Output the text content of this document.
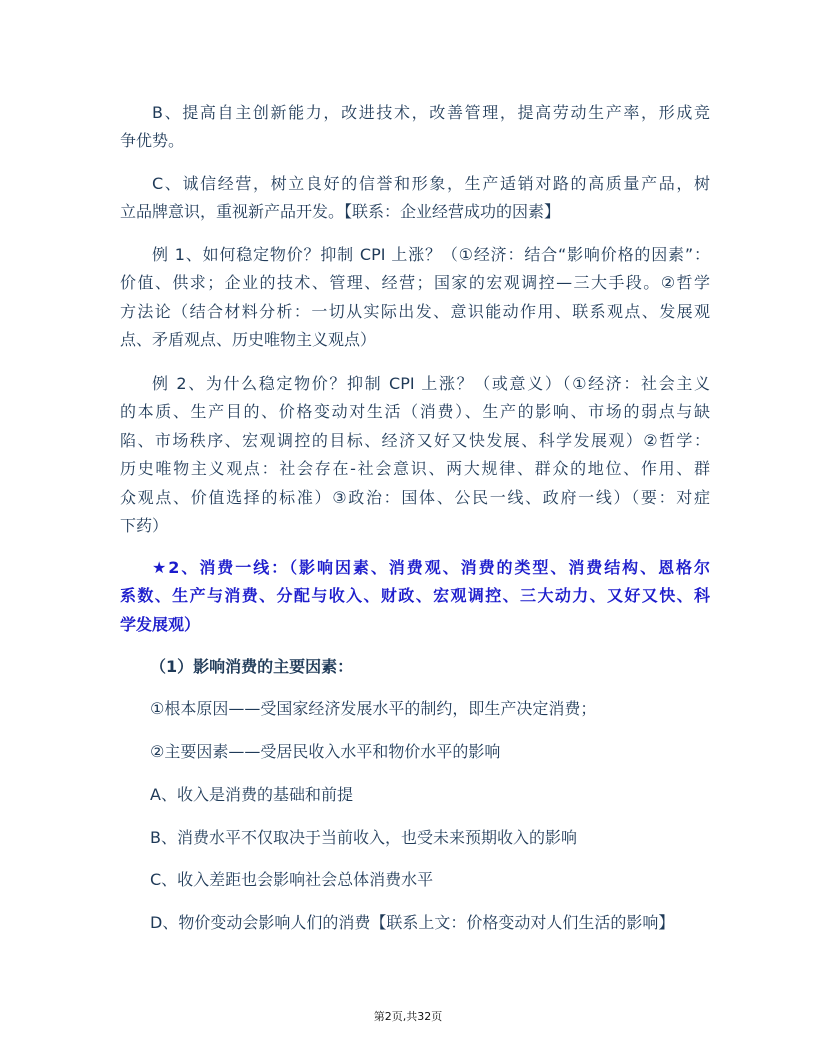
B、提高自主创新能力，改进技术，改善管理，提高劳动生产率，形成竞
争优势。
C、诚信经营，树立良好的信誉和形象，生产适销对路的高质量产品，树
立品牌意识，重视新产品开发。【联系：企业经营成功的因素】
例 1、如何稳定物价？抑制 CPI 上涨？（①经济：结合“影响价格的因素”：
价值、供求；企业的技术、管理、经营；国家的宏观调控—三大手段。②哲学
方法论（结合材料分析：一切从实际出发、意识能动作用、联系观点、发展观
点、矛盾观点、历史唯物主义观点）
例 2、为什么稳定物价？抑制 CPI 上涨？（或意义）（①经济：社会主义
的本质、生产目的、价格变动对生活（消费）、生产的影响、市场的弱点与缺
陷、市场秩序、宏观调控的目标、经济又好又快发展、科学发展观）②哲学：
历史唯物主义观点：社会存在-社会意识、两大规律、群众的地位、作用、群
众观点、价值选择的标准）③政治：国体、公民一线、政府一线）（要：对症
下药）
★2、消费一线：（影响因素、消费观、消费的类型、消费结构、恩格尔
系数、生产与消费、分配与收入、财政、宏观调控、三大动力、又好又快、科
学发展观）
（1）影响消费的主要因素：
①根本原因——受国家经济发展水平的制约，即生产决定消费；
②主要因素——受居民收入水平和物价水平的影响
A、收入是消费的基础和前提
B、消费水平不仅取决于当前收入，也受未来预期收入的影响
C、收入差距也会影响社会总体消费水平
D、物价变动会影响人们的消费【联系上文：价格变动对人们生活的影响】
第2页,共32页
